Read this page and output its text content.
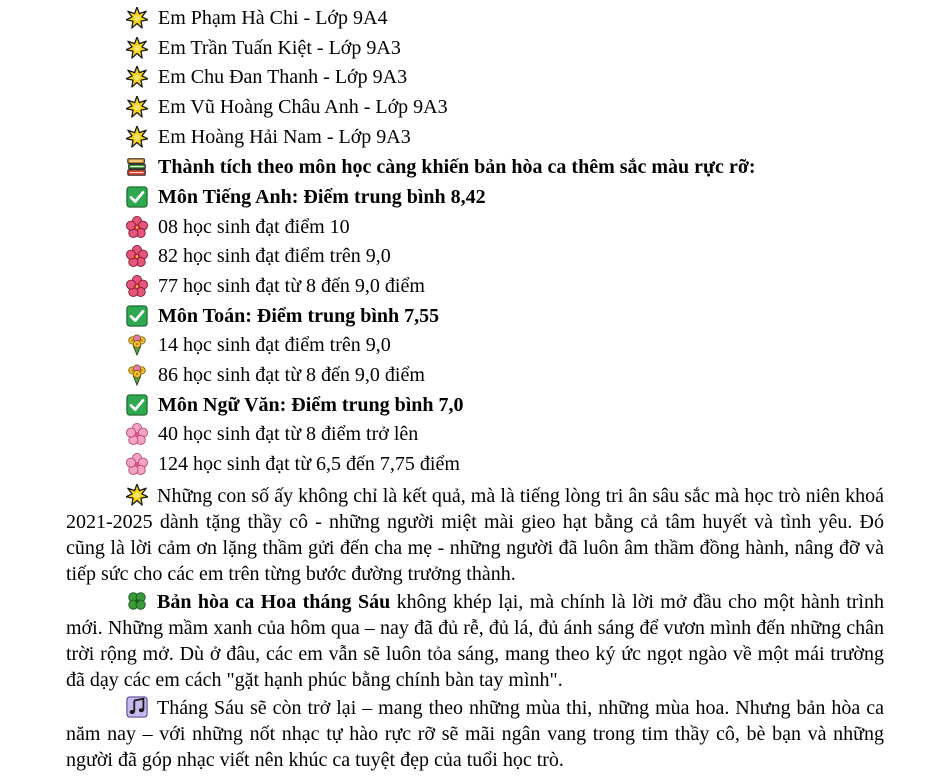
Em Phạm Hà Chi - Lớp 9A4
Em Trần Tuấn Kiệt - Lớp 9A3
Em Chu Đan Thanh - Lớp 9A3
Em Vũ Hoàng Châu Anh - Lớp 9A3
Em Hoàng Hải Nam - Lớp 9A3
Thành tích theo môn học càng khiến bản hòa ca thêm sắc màu rực rỡ:
Môn Tiếng Anh: Điểm trung bình 8,42
08 học sinh đạt điểm 10
82 học sinh đạt điểm trên 9,0
77 học sinh đạt từ 8 đến 9,0 điểm
Môn Toán: Điểm trung bình 7,55
14 học sinh đạt điểm trên 9,0
86 học sinh đạt từ 8 đến 9,0 điểm
Môn Ngữ Văn: Điểm trung bình 7,0
40 học sinh đạt từ 8 điểm trở lên
124 học sinh đạt từ 6,5 đến 7,75 điểm
Những con số ấy không chỉ là kết quả, mà là tiếng lòng tri ân sâu sắc mà học trò niên khoá 2021-2025 dành tặng thầy cô - những người miệt mài gieo hạt bằng cả tâm huyết và tình yêu. Đó cũng là lời cảm ơn lặng thầm gửi đến cha mẹ - những người đã luôn âm thầm đồng hành, nâng đỡ và tiếp sức cho các em trên từng bước đường trưởng thành.
Bản hòa ca Hoa tháng Sáu không khép lại, mà chính là lời mở đầu cho một hành trình mới. Những mầm xanh của hôm qua – nay đã đủ rễ, đủ lá, đủ ánh sáng để vươn mình đến những chân trời rộng mở. Dù ở đâu, các em vẫn sẽ luôn tỏa sáng, mang theo ký ức ngọt ngào về một mái trường đã dạy các em cách "gặt hạnh phúc bằng chính bàn tay mình".
Tháng Sáu sẽ còn trở lại – mang theo những mùa thi, những mùa hoa. Nhưng bản hòa ca năm nay – với những nốt nhạc tự hào rực rỡ sẽ mãi ngân vang trong tim thầy cô, bè bạn và những người đã góp nhạc viết nên khúc ca tuyệt đẹp của tuổi học trò.
